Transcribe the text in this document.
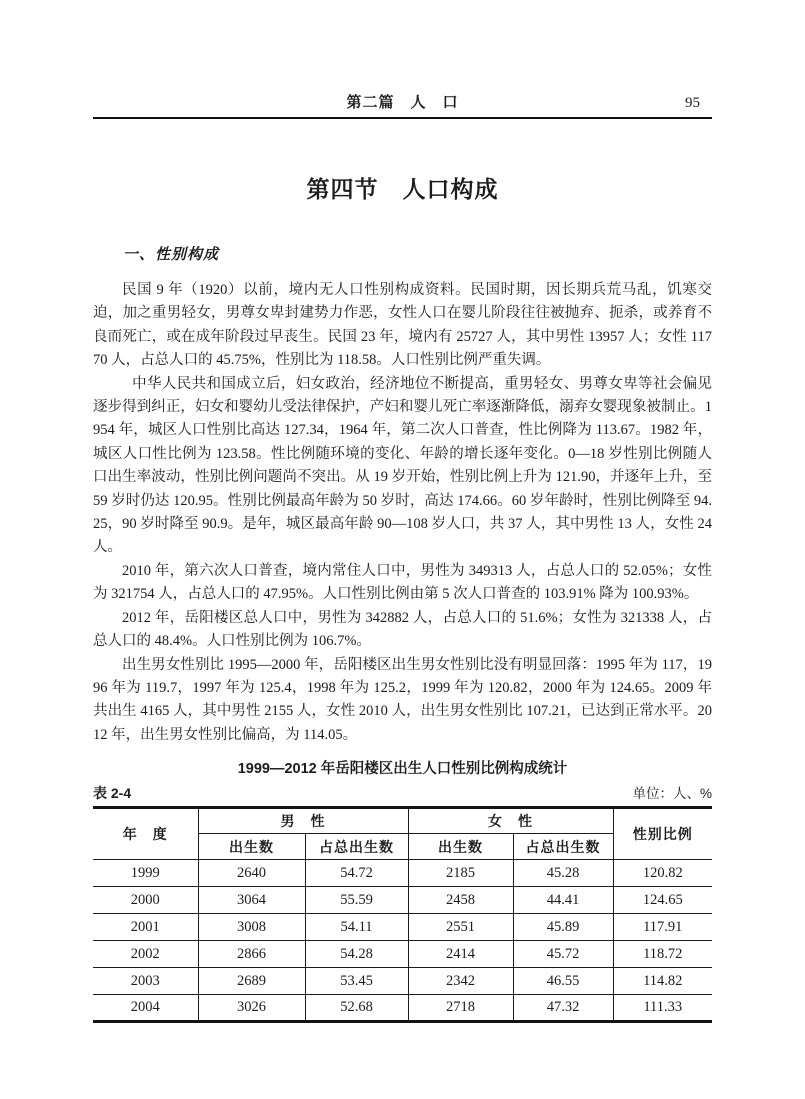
第二篇　人　口	95
第四节　人口构成
一、性别构成

民国 9 年（1920）以前，境内无人口性别构成资料。民国时期，因长期兵荒马乱，饥寒交迫，加之重男轻女，男尊女卑封建势力作恶，女性人口在婴儿阶段往往被抛弃、扼杀，或养育不良而死亡，或在成年阶段过早丧生。民国 23 年，境内有 25727 人，其中男性 13957 人；女性 11770 人，占总人口的 45.75%，性别比为 118.58。人口性别比例严重失调。

中华人民共和国成立后，妇女政治，经济地位不断提高，重男轻女、男尊女卑等社会偏见逐步得到纠正，妇女和婴幼儿受法律保护，产妇和婴儿死亡率逐渐降低，溺弃女婴现象被制止。1954 年，城区人口性别比高达 127.34，1964 年，第二次人口普查，性比例降为 113.67。1982 年，城区人口性比例为 123.58。性比例随环境的变化、年龄的增长逐年变化。0—18 岁性别比例随人口出生率波动，性别比例问题尚不突出。从 19 岁开始，性别比例上升为 121.90，并逐年上升，至 59 岁时仍达 120.95。性别比例最高年龄为 50 岁时，高达 174.66。60 岁年龄时，性别比例降至 94.25，90 岁时降至 90.9。是年，城区最高年龄 90—108 岁人口，共 37 人，其中男性 13 人，女性 24 人。

2010 年，第六次人口普查，境内常住人口中，男性为 349313 人，占总人口的 52.05%；女性为 321754 人，占总人口的 47.95%。人口性别比例由第 5 次人口普查的 103.91% 降为 100.93%。

2012 年，岳阳楼区总人口中，男性为 342882 人，占总人口的 51.6%；女性为 321338 人，占总人口的 48.4%。人口性别比例为 106.7%。

出生男女性别比 1995—2000 年，岳阳楼区出生男女性别比没有明显回落：1995 年为 117，1996 年为 119.7，1997 年为 125.4，1998 年为 125.2，1999 年为 120.82，2000 年为 124.65。2009 年共出生 4165 人，其中男性 2155 人，女性 2010 人，出生男女性别比 107.21，已达到正常水平。2012 年，出生男女性别比偏高，为 114.05。

1999—2012 年岳阳楼区出生人口性别比例构成统计
表 2-4	单位：人、%
年　度	男　性		女　性		性别比例
	出生数	占总出生数	出生数	占总出生数	
1999	2640	54.72	2185	45.28	120.82
2000	3064	55.59	2458	44.41	124.65
2001	3008	54.11	2551	45.89	117.91
2002	2866	54.28	2414	45.72	118.72
2003	2689	53.45	2342	46.55	114.82
2004	3026	52.68	2718	47.32	111.33
